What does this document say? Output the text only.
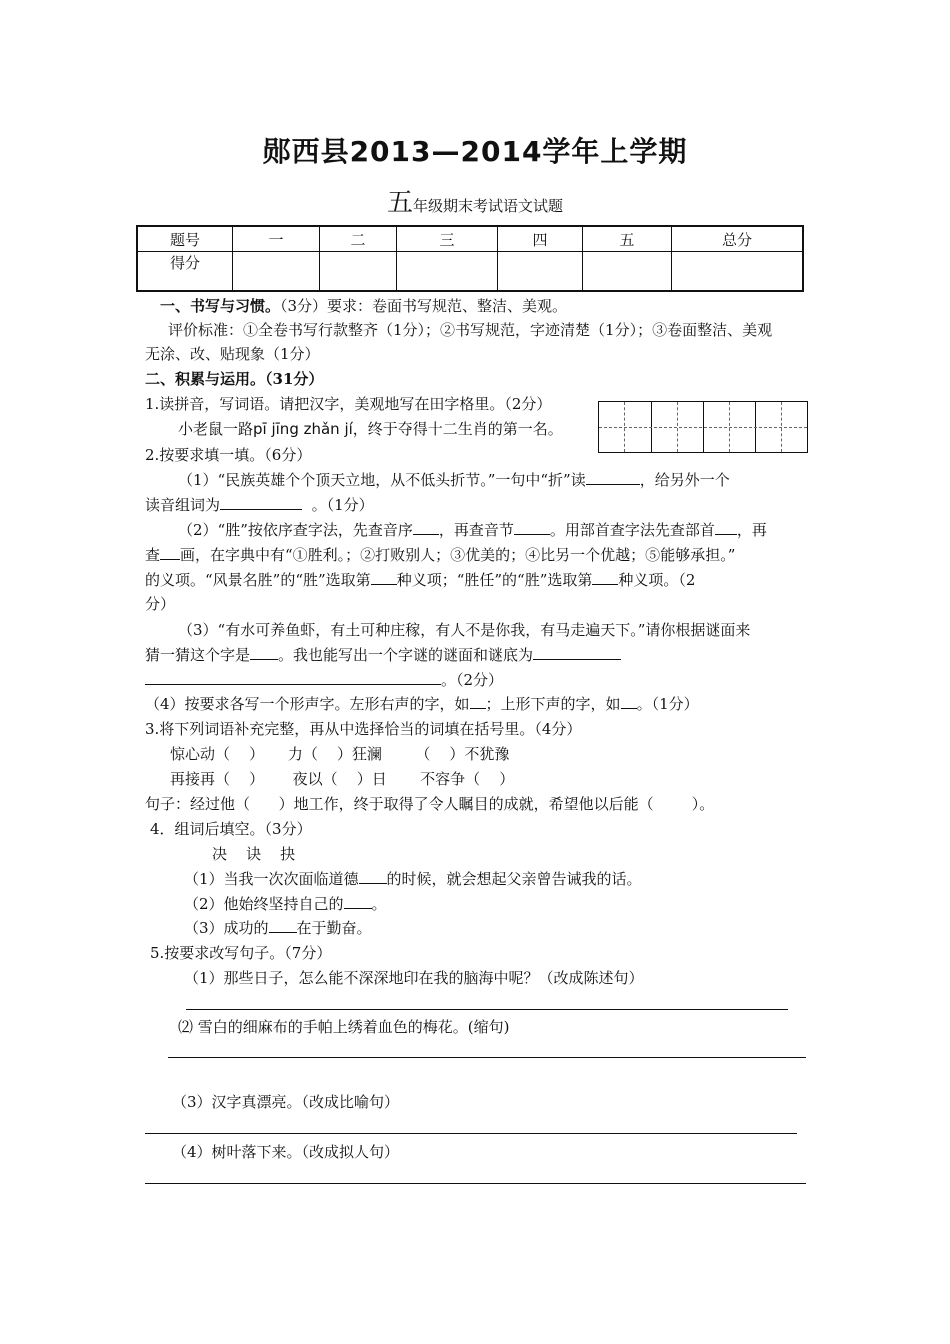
郧西县2013—2014学年上学期
五年级期末考试语文试题
题号	一	二	三	四	五	总分
得分						
一、书写与习惯。（3分）要求：卷面书写规范、整洁、美观。
评价标准：①全卷书写行款整齐（1分）；②书写规范，字迹清楚（1分）；③卷面整洁、美观
无涂、改、贴现象（1分）
二、积累与运用。（31分）
1.读拼音，写词语。请把汉字，美观地写在田字格里。（2分）
小老鼠一路pī jīng zhǎn jí，终于夺得十二生肖的第一名。
2.按要求填一填。（6分）
（1）“民族英雄个个顶天立地，从不低头折节。”一句中“折”读	，给另外一个
读音组词为	。（1分）
（2）“胜”按依序查字法，先查音序 ，再查音节 。用部首查字法先查部首 ，再
查 画，在字典中有“①胜利。；②打败别人；③优美的；④比另一个优越；⑤能够承担。”
的义项。“风景名胜”的“胜”选取第 种义项；“胜任”的“胜”选取第 种义项。（2
分）
（3）“有水可养鱼虾，有土可种庄稼，有人不是你我，有马走遍天下。”请你根据谜面来
猜一猜这个字是 。我也能写出一个字谜的谜面和谜底为
。（2分）
（4）按要求各写一个形声字。左形右声的字，如 ；上形下声的字，如 。（1分）
3.将下列词语补充完整，再从中选择恰当的词填在括号里。（4分）
惊心动（    ）     力（    ）狂澜       （    ）不犹豫
再接再（    ）      夜以（    ）日       不容争（    ）
句子：经过他（      ）地工作，终于取得了令人瞩目的成就，希望他以后能（        ）。
4．组词后填空。（3分）
决    诀    抉
（1）当我一次次面临道德 的时候，就会想起父亲曾告诫我的话。
（2）他始终坚持自己的 。
（3）成功的 在于勤奋。
5.按要求改写句子。（7分）
（1）那些日子，怎么能不深深地印在我的脑海中呢？（改成陈述句）
⑵ 雪白的细麻布的手帕上绣着血色的梅花。(缩句)
（3）汉字真漂亮。（改成比喻句）
（4）树叶落下来。（改成拟人句）
